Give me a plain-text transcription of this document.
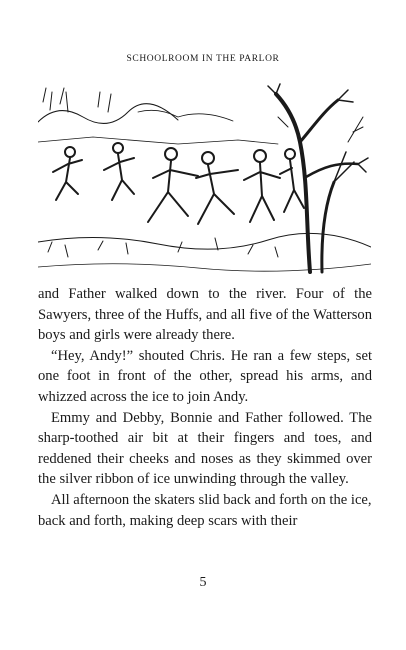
SCHOOLROOM IN THE PARLOR

and Father walked down to the river. Four of the Sawyers, three of the Huffs, and all five of the Watterson boys and girls were already there.

“Hey, Andy!” shouted Chris. He ran a few steps, set one foot in front of the other, spread his arms, and whizzed across the ice to join Andy.

Emmy and Debby, Bonnie and Father followed. The sharp-toothed air bit at their fingers and toes, and reddened their cheeks and noses as they skimmed over the silver ribbon of ice unwinding through the valley.

All afternoon the skaters slid back and forth on the ice, back and forth, making deep scars with their

5
